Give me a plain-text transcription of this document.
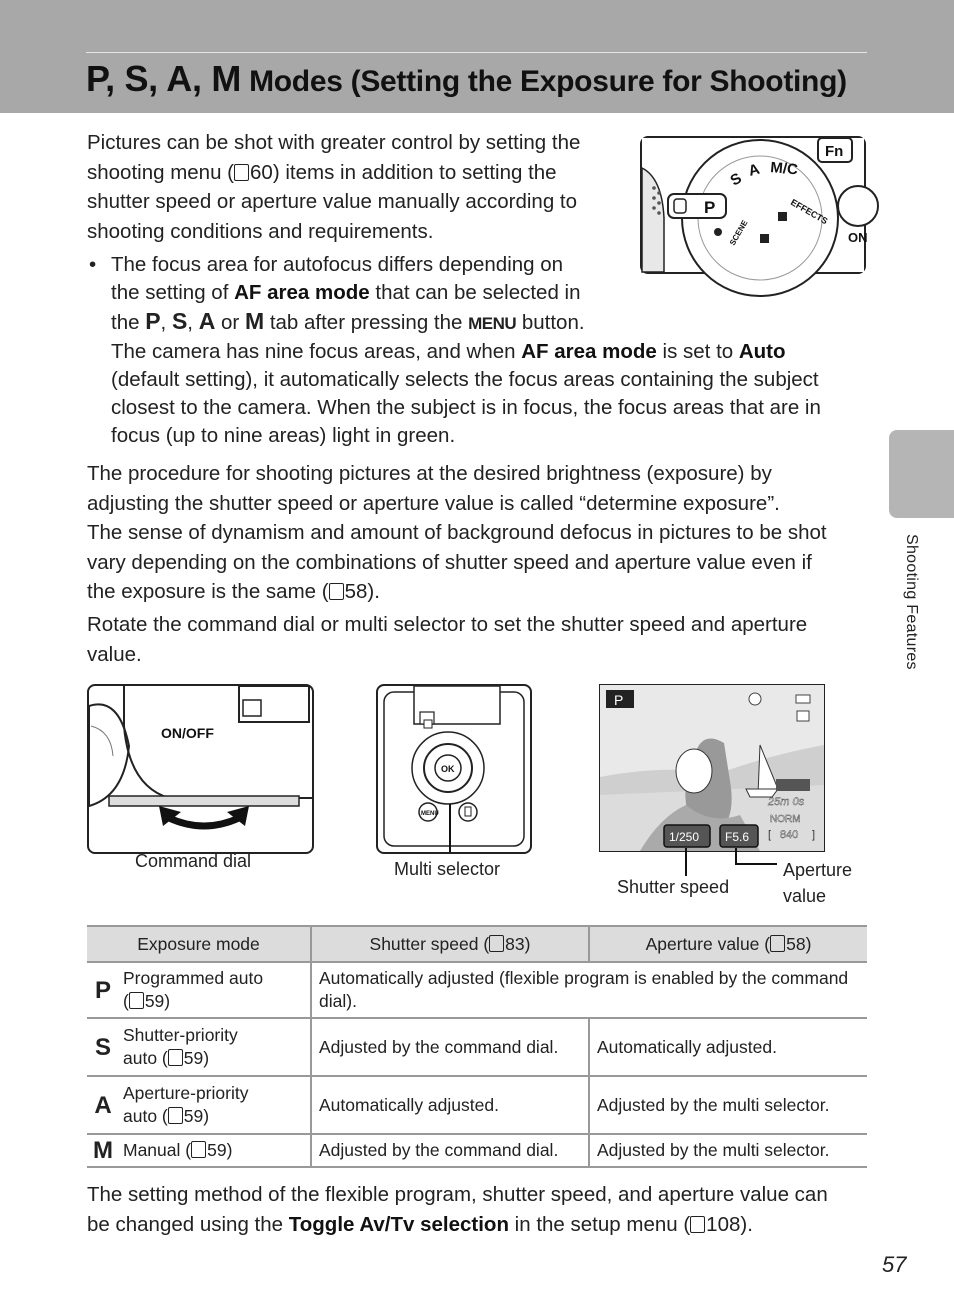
P, S, A, M Modes (Setting the Exposure for Shooting)
Pictures can be shot with greater control by setting the
shooting menu ( □ 60) items in addition to setting the
shutter speed or aperture value manually according to
shooting conditions and requirements.
P
S A M/C
EFFECTS
SCENE
Fn
ON
• The focus area for autofocus differs depending on
the setting of AF area mode that can be selected in
the P, S, A or M tab after pressing the MENU button.
The camera has nine focus areas, and when AF area mode is set to Auto
(default setting), it automatically selects the focus areas containing the subject
closest to the camera. When the subject is in focus, the focus areas that are in
focus (up to nine areas) light in green.
The procedure for shooting pictures at the desired brightness (exposure) by
adjusting the shutter speed or aperture value is called “determine exposure”.
The sense of dynamism and amount of background defocus in pictures to be shot
vary depending on the combinations of shutter speed and aperture value even if
the exposure is the same ( □ 58).
Rotate the command dial or multi selector to set the shutter speed and aperture
value.
ON/OFF
Command dial
OK
MENU
Multi selector
P
25m 0s
NORM
[ 840 ]
1/250 F5.6
Shutter speed
Aperture
value
Exposure mode		Shutter speed ( □ 83)	Aperture value ( □ 58)
P	Programmed auto
( □ 59)	Automatically adjusted (flexible program is enabled by the command dial).	
S	Shutter-priority
auto ( □ 59)	Adjusted by the command dial.	Automatically adjusted.
A	Aperture-priority
auto ( □ 59)	Automatically adjusted.	Adjusted by the multi selector.
M	Manual ( □ 59)	Adjusted by the command dial.	Adjusted by the multi selector.
The setting method of the flexible program, shutter speed, and aperture value can
be changed using the Toggle Av/Tv selection in the setup menu ( □ 108).
Shooting Features
57
